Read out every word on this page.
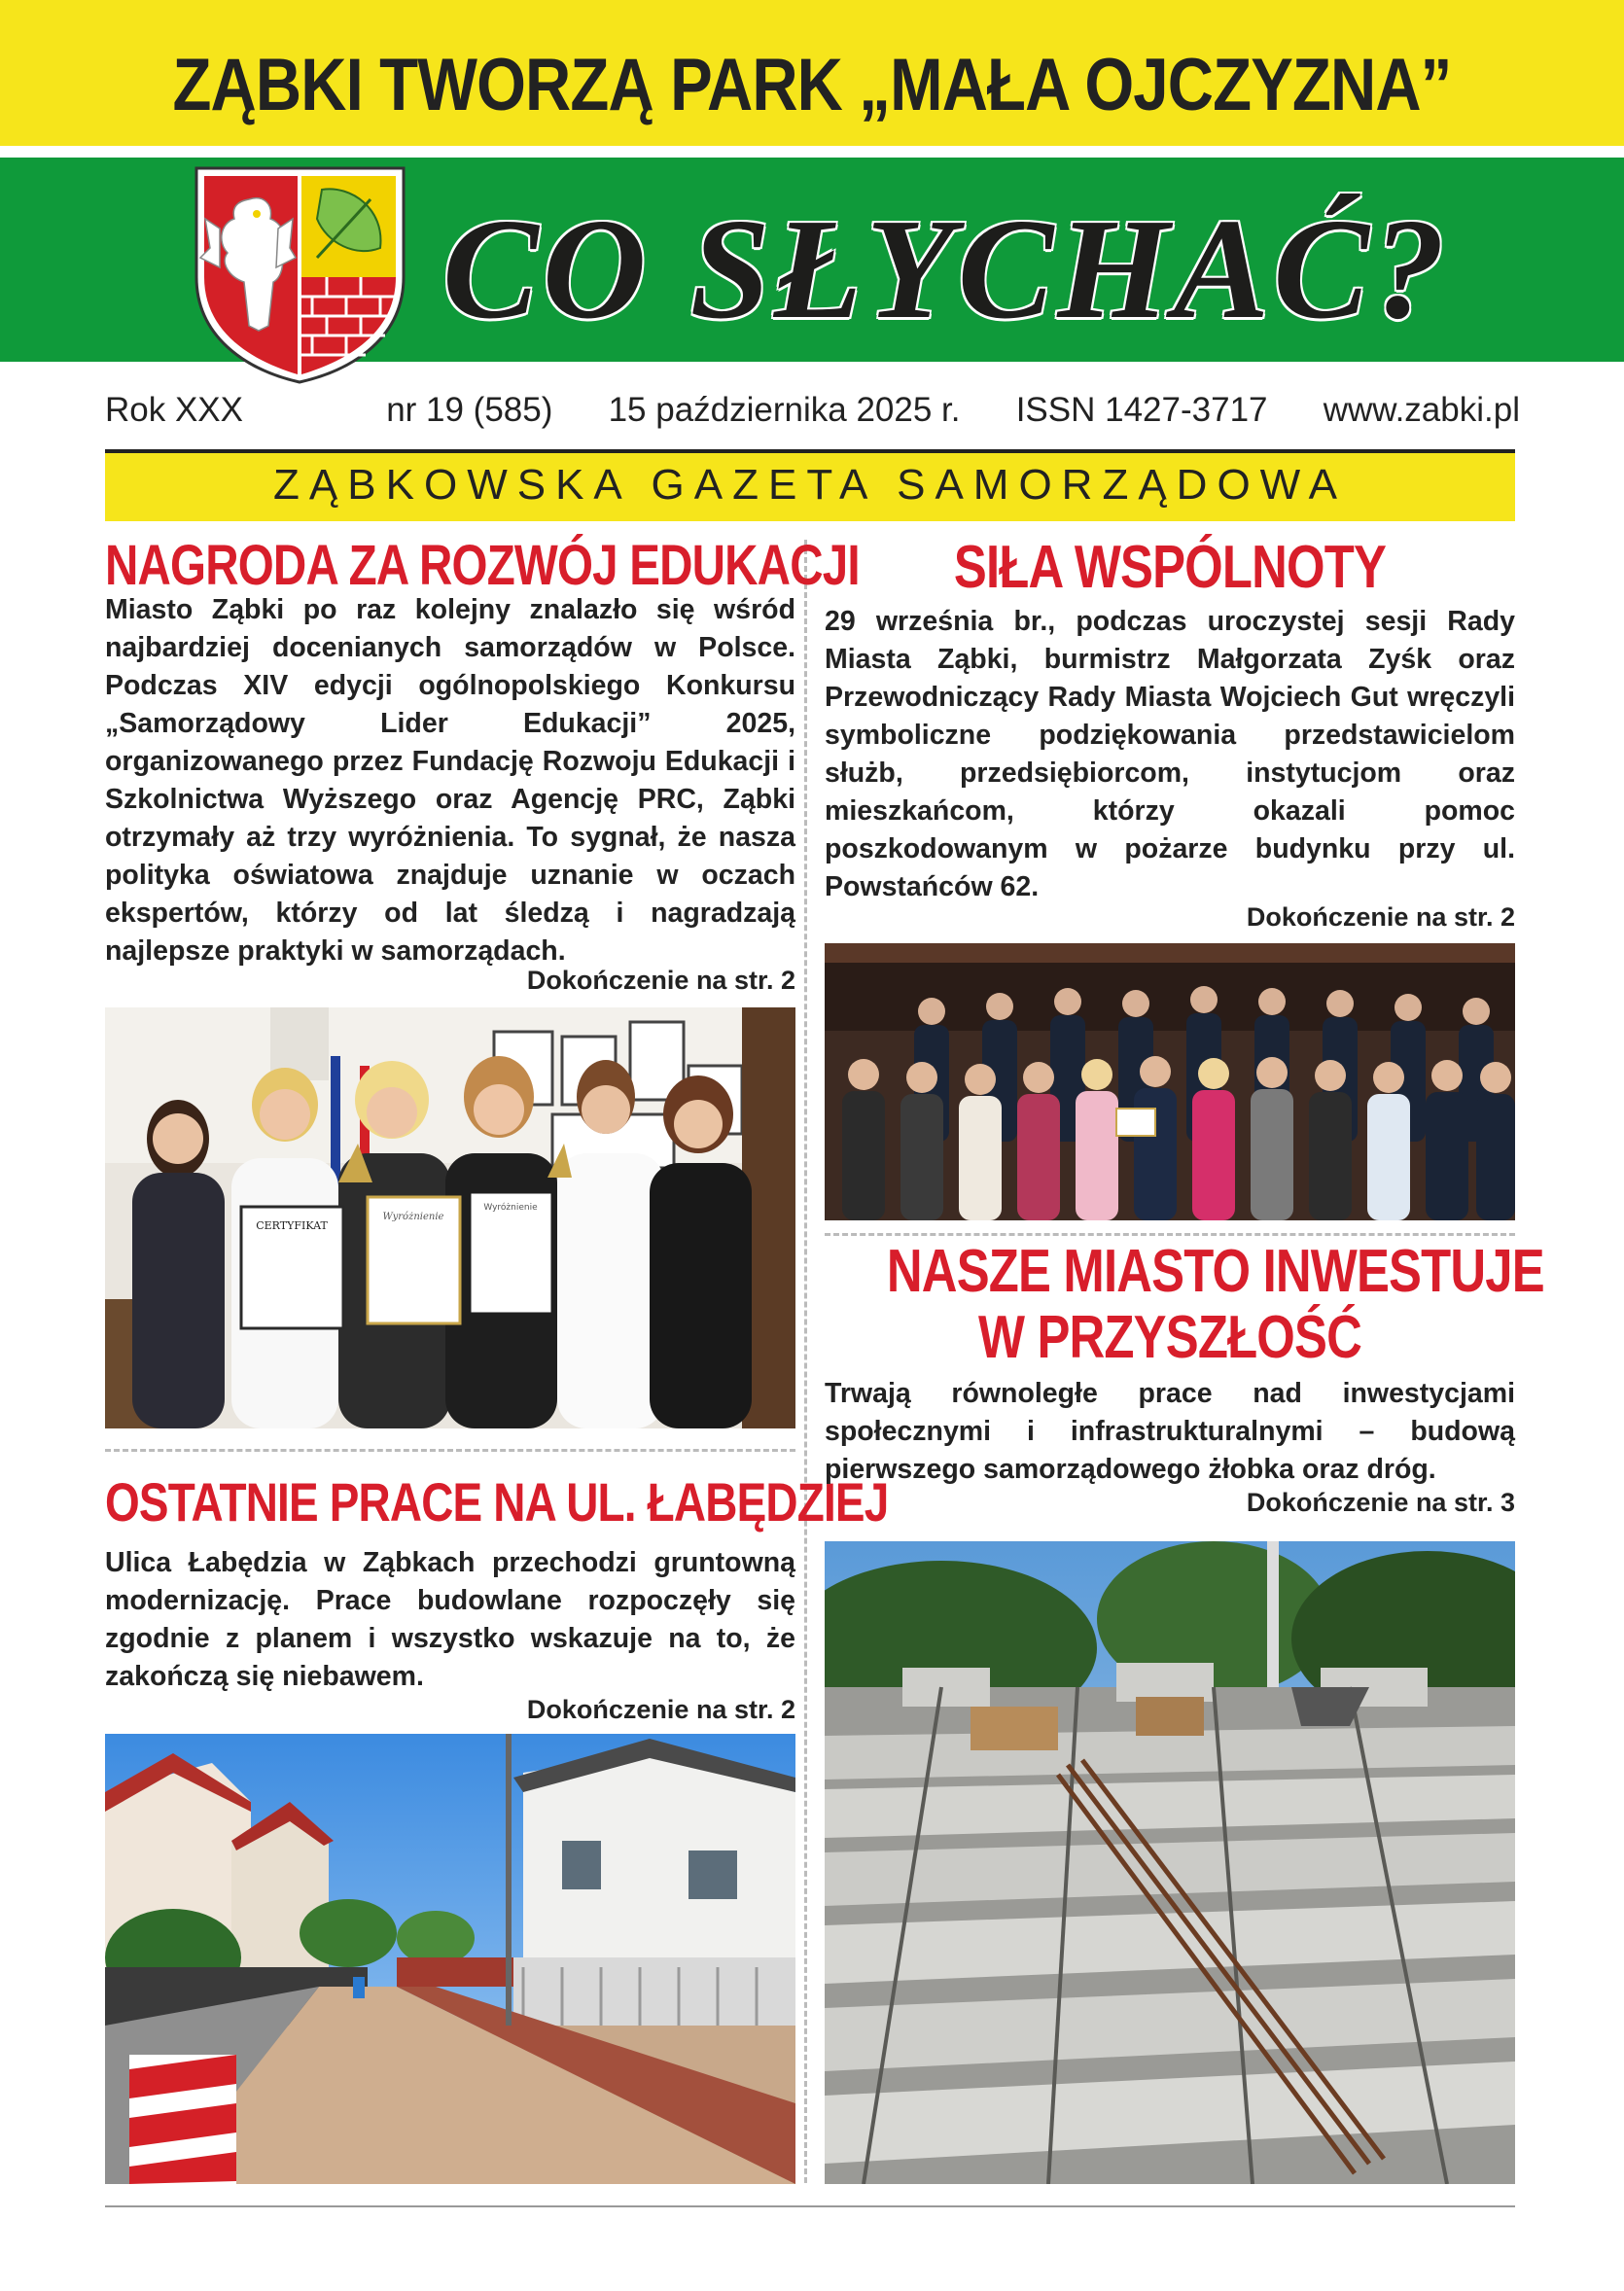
ZĄBKI TWORZĄ PARK „MAŁA OJCZYZNA”
CO SŁYCHAĆ?
Rok XXX	nr 19 (585) 15 października 2025 r. ISSN 1427-3717 www.zabki.pl
ZĄBKOWSKA GAZETA SAMORZĄDOWA
NAGRODA ZA ROZWÓJ EDUKACJI
Miasto Ząbki po raz kolejny znalazło się wśród najbardziej docenianych samorządów w Polsce. Podczas XIV edycji ogólnopolskiego Konkursu „Samorządowy Lider Edukacji” 2025, organizowanego przez Fundację Rozwoju Edukacji i Szkolnictwa Wyższego oraz Agencję PRC, Ząbki otrzymały aż trzy wyróżnienia. To sygnał, że nasza polityka oświatowa znajduje uznanie w oczach ekspertów, którzy od lat śledzą i nagradzają najlepsze praktyki w samorządach.
Dokończenie na str. 2
CERTYFIKAT
Wyróżnienie
Wyróżnienie
OSTATNIE PRACE NA UL. ŁABĘDZIEJ
Ulica Łabędzia w Ząbkach przechodzi gruntowną modernizację. Prace budowlane rozpoczęły się zgodnie z planem i wszystko wskazuje na to, że zakończą się niebawem.
Dokończenie na str. 2
SIŁA WSPÓLNOTY
29 września br., podczas uroczystej sesji Rady Miasta Ząbki, burmistrz Małgorzata Zyśk oraz Przewodniczący Rady Miasta Wojciech Gut wręczyli symboliczne podziękowania przedstawicielom służb, przedsiębiorcom, instytucjom oraz mieszkańcom, którzy okazali pomoc poszkodowanym w pożarze budynku przy ul. Powstańców 62.
Dokończenie na str. 2
NASZE MIASTO INWESTUJE
W PRZYSZŁOŚĆ
Trwają równoległe prace nad inwestycjami społecznymi i infrastrukturalnymi – budową pierwszego samorządowego żłobka oraz dróg.
Dokończenie na str. 3
